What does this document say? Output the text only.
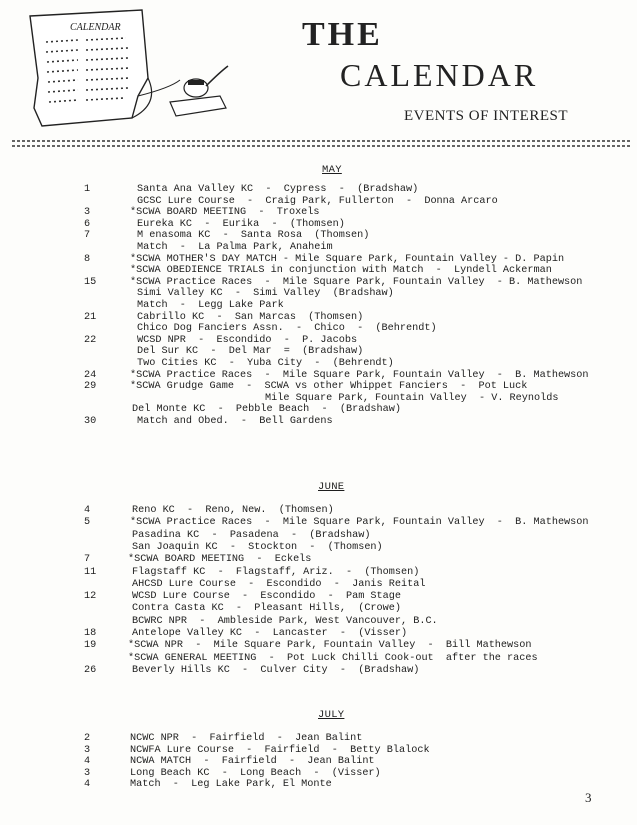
CALENDAR	THE
CALENDAR
EVENTS OF INTEREST
MAY
1	Santa Ana Valley KC  -  Cypress  -  (Bradshaw)
GCSC Lure Course  -  Craig Park, Fullerton  -  Donna Arcaro
3	*SCWA BOARD MEETING  -  Troxels
6	Eureka KC  -  Eurika  -  (Thomsen)
7	M enasoma KC  -  Santa Rosa  (Thomsen)
Match  -  La Palma Park, Anaheim
8	*SCWA MOTHER'S DAY MATCH - Mile Square Park, Fountain Valley - D. Papin
*SCWA OBEDIENCE TRIALS in conjunction with Match  -  Lyndell Ackerman
15	*SCWA Practice Races  -  Mile Square Park, Fountain Valley  - B. Mathewson
Simi Valley KC  -  Simi Valley  (Bradshaw)
Match  -  Legg Lake Park
21	Cabrillo KC  -  San Marcas  (Thomsen)
Chico Dog Fanciers Assn.  -  Chico  -  (Behrendt)
22	WCSD NPR  -  Escondido  -  P. Jacobs
Del Sur KC  -  Del Mar  =  (Bradshaw)
Two Cities KC  -  Yuba City  -  (Behrendt)
24	*SCWA Practice Races  -  Mile Square Park, Fountain Valley  -  B. Mathewson
29	*SCWA Grudge Game  -  SCWA vs other Whippet Fanciers  -  Pot Luck
Mile Square Park, Fountain Valley  - V. Reynolds
Del Monte KC  -  Pebble Beach  -  (Bradshaw)
30	Match and Obed.  -  Bell Gardens
JUNE
4	Reno KC  -  Reno, New.  (Thomsen)
5	*SCWA Practice Races  -  Mile Square Park, Fountain Valley  -  B. Mathewson
Pasadina KC  -  Pasadena  -  (Bradshaw)
San Joaquin KC  -  Stockton  -  (Thomsen)
7	*SCWA BOARD MEETING  -  Eckels
11	Flagstaff KC  -  Flagstaff, Ariz.  -  (Thomsen)
AHCSD Lure Course  -  Escondido  -  Janis Reital
12	WCSD Lure Course  -  Escondido  -  Pam Stage
Contra Casta KC  -  Pleasant Hills,  (Crowe)
BCWRC NPR  -  Ambleside Park, West Vancouver, B.C.
18	Antelope Valley KC  -  Lancaster  -  (Visser)
19	*SCWA NPR  -  Mile Square Park, Fountain Valley  -  Bill Mathewson
*SCWA GENERAL MEETING  -  Pot Luck Chilli Cook-out  after the races
26	Beverly Hills KC  -  Culver City  -  (Bradshaw)
JULY
2	NCWC NPR  -  Fairfield  -  Jean Balint
3	NCWFA Lure Course  -  Fairfield  -  Betty Blalock
4	NCWA MATCH  -  Fairfield  -  Jean Balint
3	Long Beach KC  -  Long Beach  -  (Visser)
4	Match  -  Leg Lake Park, El Monte
3
